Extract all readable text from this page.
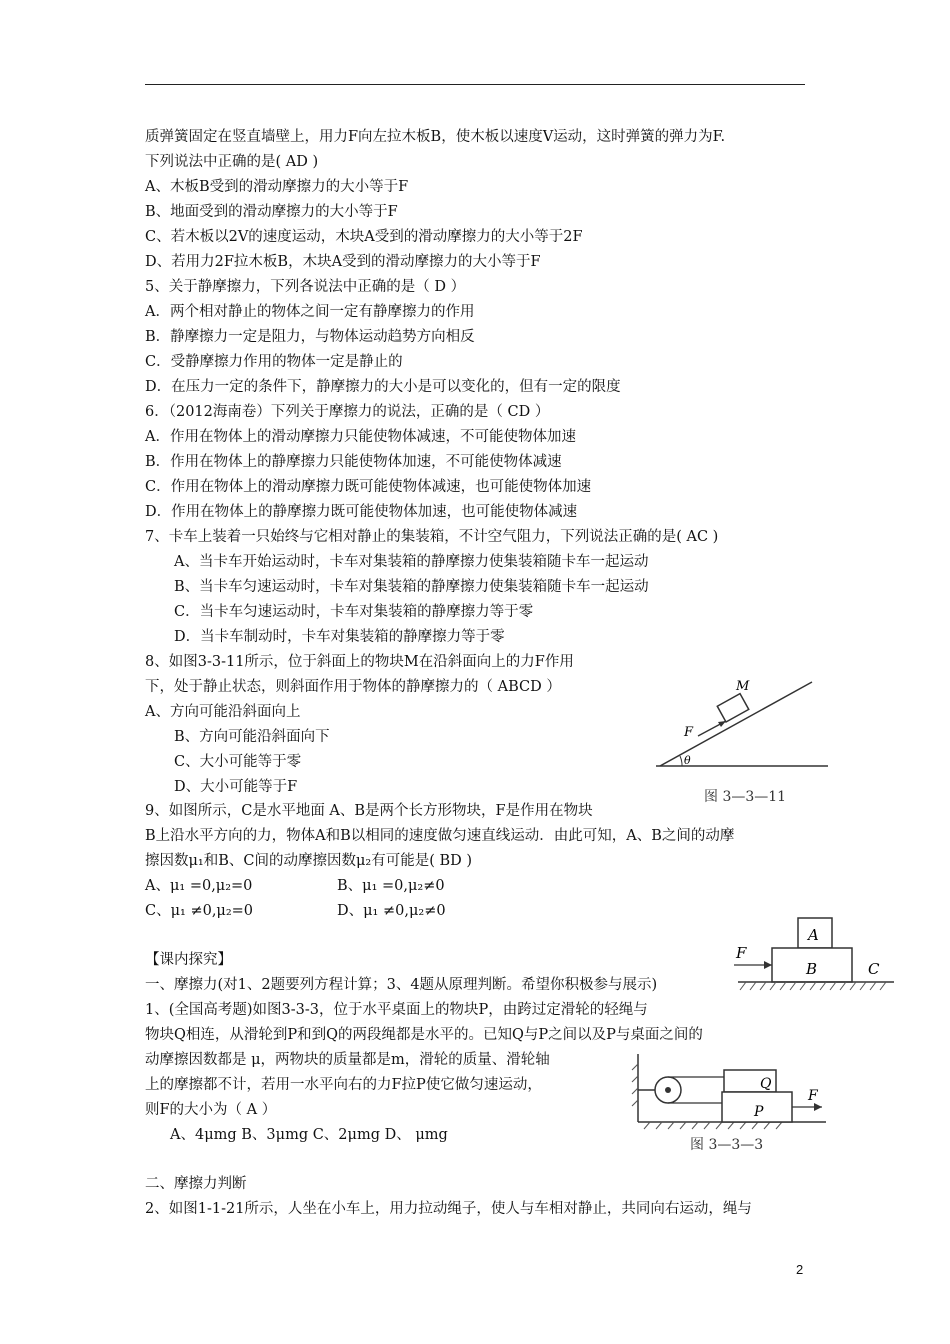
质弹簧固定在竖直墙壁上，用力F向左拉木板B，使木板以速度V运动，这时弹簧的弹力为F.
下列说法中正确的是( AD )
A、木板B受到的滑动摩擦力的大小等于F
B、地面受到的滑动摩擦力的大小等于F
C、若木板以2V的速度运动，木块A受到的滑动摩擦力的大小等于2F
D、若用力2F拉木板B，木块A受到的滑动摩擦力的大小等于F
5、关于静摩擦力，下列各说法中正确的是（ D ）
A．两个相对静止的物体之间一定有静摩擦力的作用
B．静摩擦力一定是阻力，与物体运动趋势方向相反
C．受静摩擦力作用的物体一定是静止的
D．在压力一定的条件下，静摩擦力的大小是可以变化的，但有一定的限度
6．（2012海南卷）下列关于摩擦力的说法，正确的是（ CD ）
A．作用在物体上的滑动摩擦力只能使物体减速，不可能使物体加速
B．作用在物体上的静摩擦力只能使物体加速，不可能使物体减速
C．作用在物体上的滑动摩擦力既可能使物体减速，也可能使物体加速
D．作用在物体上的静摩擦力既可能使物体加速，也可能使物体减速
7、卡车上装着一只始终与它相对静止的集装箱，不计空气阻力，下列说法正确的是( AC )
A、当卡车开始运动时，卡车对集装箱的静摩擦力使集装箱随卡车一起运动
B、当卡车匀速运动时，卡车对集装箱的静摩擦力使集装箱随卡车一起运动
C．当卡车匀速运动时，卡车对集装箱的静摩擦力等于零
D．当卡车制动时，卡车对集装箱的静摩擦力等于零
8、如图3-3-11所示，位于斜面上的物块M在沿斜面向上的力F作用
下，处于静止状态，则斜面作用于物体的静摩擦力的（ ABCD ）
A、方向可能沿斜面向上
B、方向可能沿斜面向下
C、大小可能等于零
D、大小可能等于F
9、如图所示，C是水平地面 A、B是两个长方形物块，F是作用在物块
B上沿水平方向的力，物体A和B以相同的速度做匀速直线运动．由此可知，A、B之间的动摩
擦因数μ₁和B、C间的动摩擦因数μ₂有可能是( BD )
A、μ₁ =0,μ₂=0	B、μ₁ =0,μ₂≠0
C、μ₁ ≠0,μ₂=0	D、μ₁ ≠0,μ₂≠0
【课内探究】
一、摩擦力(对1、2题要列方程计算；3、4题从原理判断。希望你积极参与展示)
1、(全国高考题)如图3-3-3，位于水平桌面上的物块P，由跨过定滑轮的轻绳与
物块Q相连，从滑轮到P和到Q的两段绳都是水平的。已知Q与P之间以及P与桌面之间的
动摩擦因数都是 μ，两物块的质量都是m，滑轮的质量、滑轮轴
上的摩擦都不计，若用一水平向右的力F拉P使它做匀速运动，
则F的大小为（ A ）
A、4μmg B、3μmg C、2μmg D、 μmg
二、摩擦力判断
2、如图1-1-21所示，人坐在小车上，用力拉动绳子，使人与车相对静止，共同向右运动，绳与
F
M
θ
图 3—3—11
F
A
B	C
Q
P
F
图 3—3—3
2
